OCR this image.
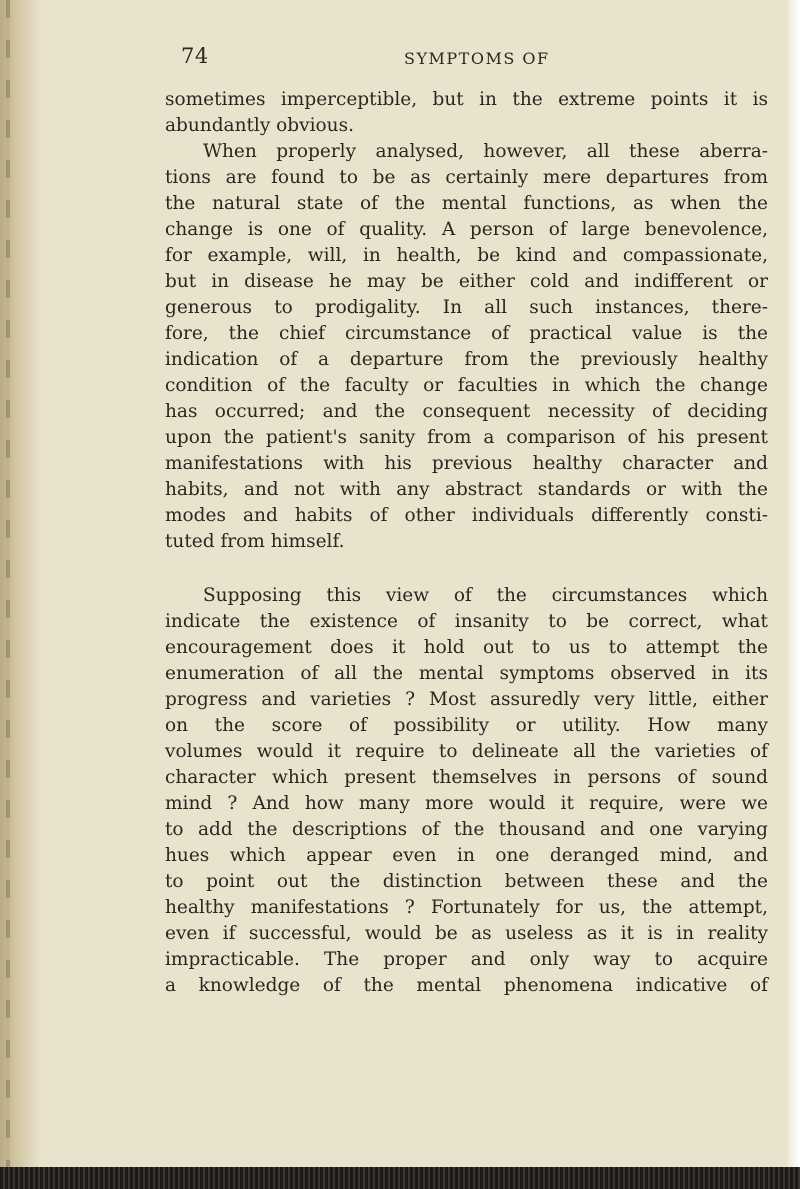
74	SYMPTOMS OF
sometimes imperceptible, but in the extreme points it is
abundantly obvious.
When properly analysed, however, all these aberra-
tions are found to be as certainly mere departures from
the natural state of the mental functions, as when the
change is one of quality. A person of large benevolence,
for example, will, in health, be kind and compassionate,
but in disease he may be either cold and indifferent or
generous to prodigality. In all such instances, there-
fore, the chief circumstance of practical value is the
indication of a departure from the previously healthy
condition of the faculty or faculties in which the change
has occurred; and the consequent necessity of deciding
upon the patient's sanity from a comparison of his present
manifestations with his previous healthy character and
habits, and not with any abstract standards or with the
modes and habits of other individuals differently consti-
tuted from himself.
Supposing this view of the circumstances which
indicate the existence of insanity to be correct, what
encouragement does it hold out to us to attempt the
enumeration of all the mental symptoms observed in its
progress and varieties ? Most assuredly very little, either
on the score of possibility or utility. How many
volumes would it require to delineate all the varieties of
character which present themselves in persons of sound
mind ? And how many more would it require, were we
to add the descriptions of the thousand and one varying
hues which appear even in one deranged mind, and
to point out the distinction between these and the
healthy manifestations ? Fortunately for us, the attempt,
even if successful, would be as useless as it is in reality
impracticable. The proper and only way to acquire
a knowledge of the mental phenomena indicative of
